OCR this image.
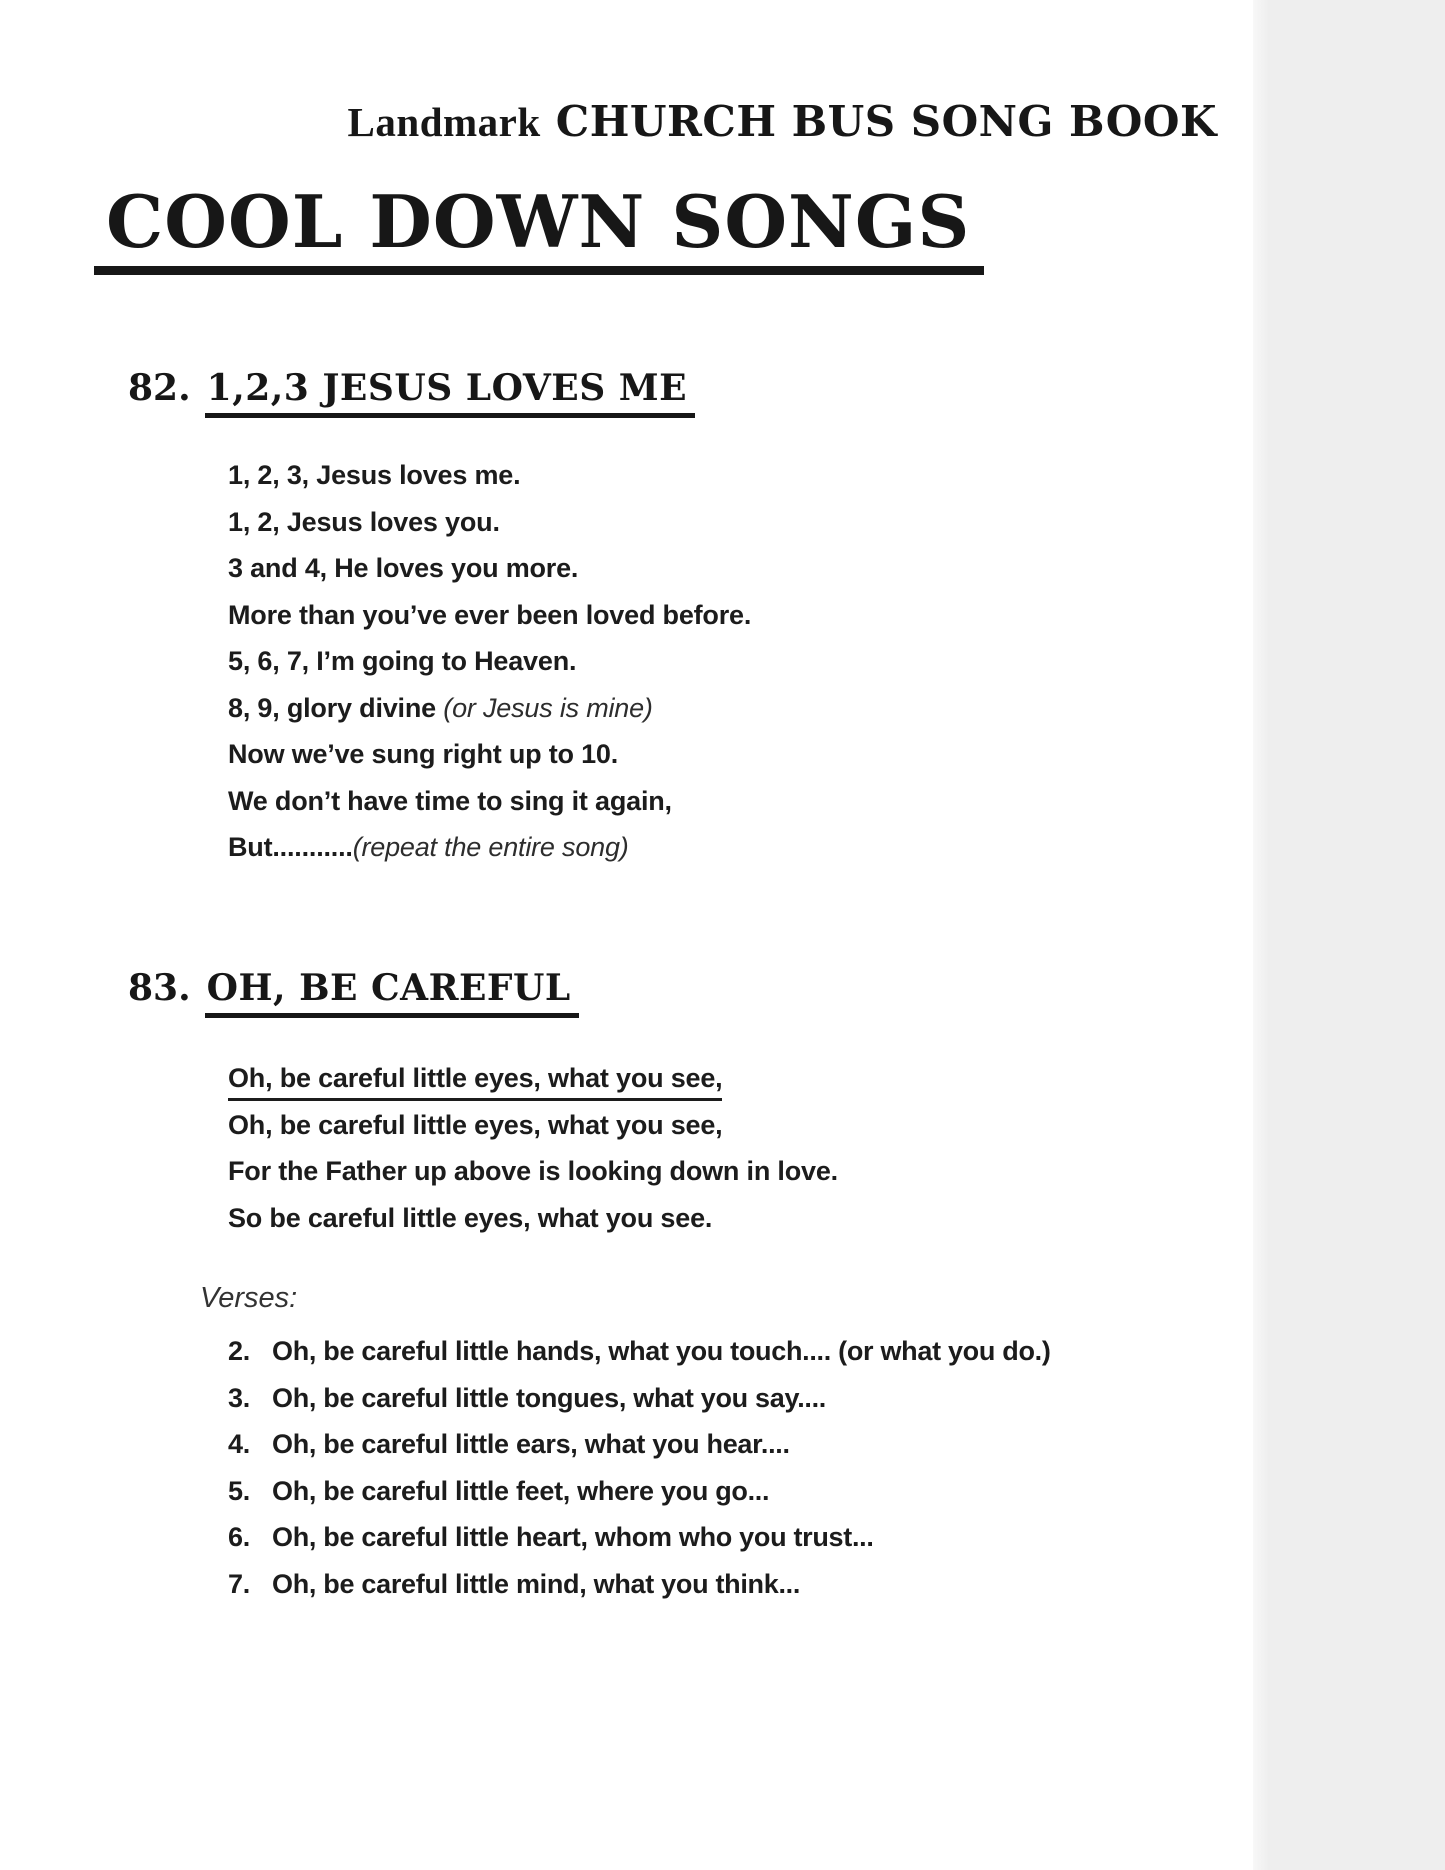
Landmark CHURCH BUS SONG BOOK
COOL DOWN SONGS
82. 1,2,3 JESUS LOVES ME
1, 2, 3, Jesus loves me.
1, 2, Jesus loves you.
3 and 4, He loves you more.
More than you’ve ever been loved before.
5, 6, 7, I’m going to Heaven.
8, 9, glory divine (or Jesus is mine)
Now we’ve sung right up to 10.
We don’t have time to sing it again,
But...........(repeat the entire song)
83. OH, BE CAREFUL
Oh, be careful little eyes, what you see,
Oh, be careful little eyes, what you see,
For the Father up above is looking down in love.
So be careful little eyes, what you see.
Verses:
2. Oh, be careful little hands, what you touch.... (or what you do.)
3. Oh, be careful little tongues, what you say....
4. Oh, be careful little ears, what you hear....
5. Oh, be careful little feet, where you go...
6. Oh, be careful little heart, whom who you trust...
7. Oh, be careful little mind, what you think...
